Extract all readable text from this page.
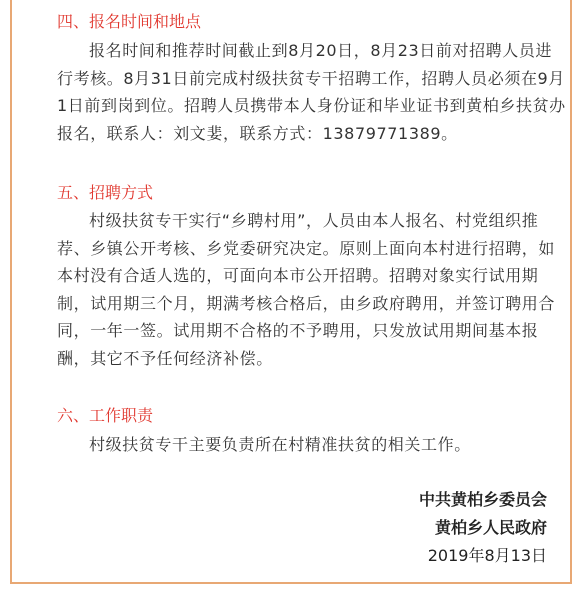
四、报名时间和地点
报名时间和推荐时间截止到8月20日，8月23日前对招聘人员进行考核。8月31日前完成村级扶贫专干招聘工作，招聘人员必须在9月1日前到岗到位。招聘人员携带本人身份证和毕业证书到黄柏乡扶贫办报名，联系人：刘文婓，联系方式：13879771389。
五、招聘方式
村级扶贫专干实行“乡聘村用”，人员由本人报名、村党组织推荐、乡镇公开考核、乡党委研究决定。原则上面向本村进行招聘，如本村没有合适人选的，可面向本市公开招聘。招聘对象实行试用期制，试用期三个月，期满考核合格后，由乡政府聘用，并签订聘用合同，一年一签。试用期不合格的不予聘用，只发放试用期间基本报酬，其它不予任何经济补偿。
六、工作职责
村级扶贫专干主要负责所在村精准扶贫的相关工作。
中共黄柏乡委员会
黄柏乡人民政府
2019年8月13日
